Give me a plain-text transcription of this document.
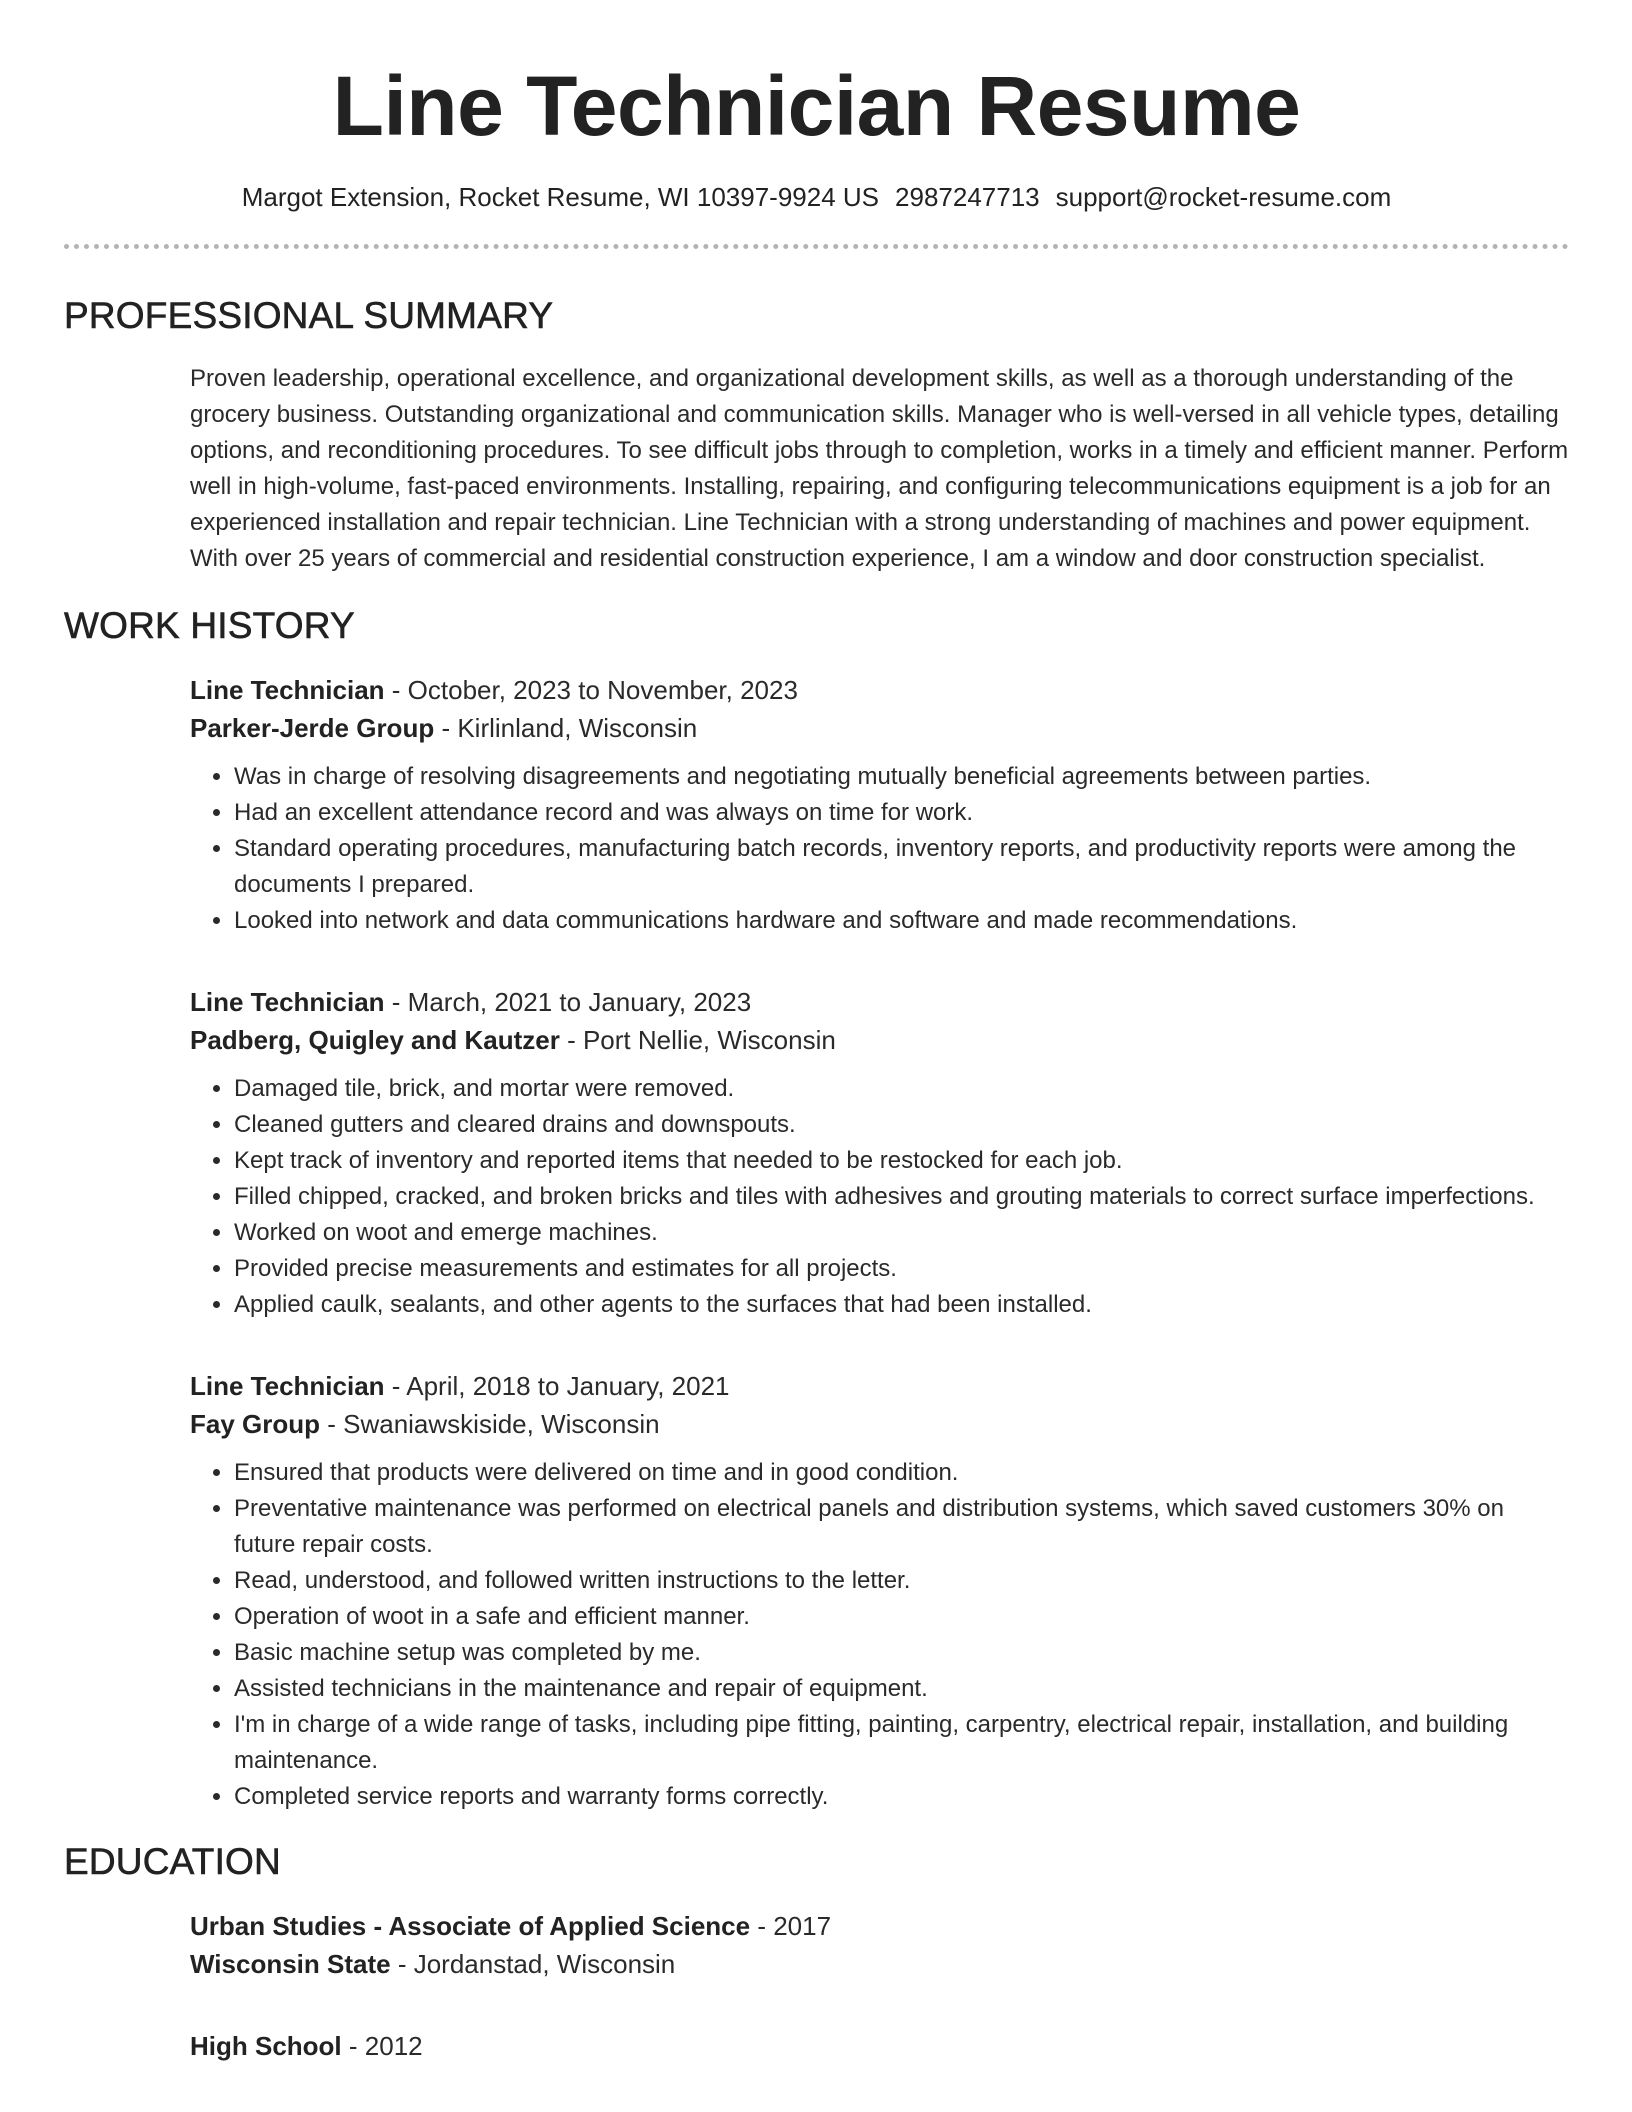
Line Technician Resume
Margot Extension, Rocket Resume, WI 10397-9924 US 2987247713 support@rocket-resume.com
PROFESSIONAL SUMMARY
Proven leadership, operational excellence, and organizational development skills, as well as a thorough understanding of the grocery business. Outstanding organizational and communication skills. Manager who is well-versed in all vehicle types, detailing options, and reconditioning procedures. To see difficult jobs through to completion, works in a timely and efficient manner. Perform well in high-volume, fast-paced environments. Installing, repairing, and configuring telecommunications equipment is a job for an experienced installation and repair technician. Line Technician with a strong understanding of machines and power equipment. With over 25 years of commercial and residential construction experience, I am a window and door construction specialist.
WORK HISTORY
Line Technician - October, 2023 to November, 2023
Parker-Jerde Group - Kirlinland, Wisconsin
• Was in charge of resolving disagreements and negotiating mutually beneficial agreements between parties.
• Had an excellent attendance record and was always on time for work.
• Standard operating procedures, manufacturing batch records, inventory reports, and productivity reports were among the documents I prepared.
• Looked into network and data communications hardware and software and made recommendations.
Line Technician - March, 2021 to January, 2023
Padberg, Quigley and Kautzer - Port Nellie, Wisconsin
• Damaged tile, brick, and mortar were removed.
• Cleaned gutters and cleared drains and downspouts.
• Kept track of inventory and reported items that needed to be restocked for each job.
• Filled chipped, cracked, and broken bricks and tiles with adhesives and grouting materials to correct surface imperfections.
• Worked on woot and emerge machines.
• Provided precise measurements and estimates for all projects.
• Applied caulk, sealants, and other agents to the surfaces that had been installed.
Line Technician - April, 2018 to January, 2021
Fay Group - Swaniawskiside, Wisconsin
• Ensured that products were delivered on time and in good condition.
• Preventative maintenance was performed on electrical panels and distribution systems, which saved customers 30% on future repair costs.
• Read, understood, and followed written instructions to the letter.
• Operation of woot in a safe and efficient manner.
• Basic machine setup was completed by me.
• Assisted technicians in the maintenance and repair of equipment.
• I'm in charge of a wide range of tasks, including pipe fitting, painting, carpentry, electrical repair, installation, and building maintenance.
• Completed service reports and warranty forms correctly.
EDUCATION
Urban Studies - Associate of Applied Science - 2017
Wisconsin State - Jordanstad, Wisconsin
High School - 2012
